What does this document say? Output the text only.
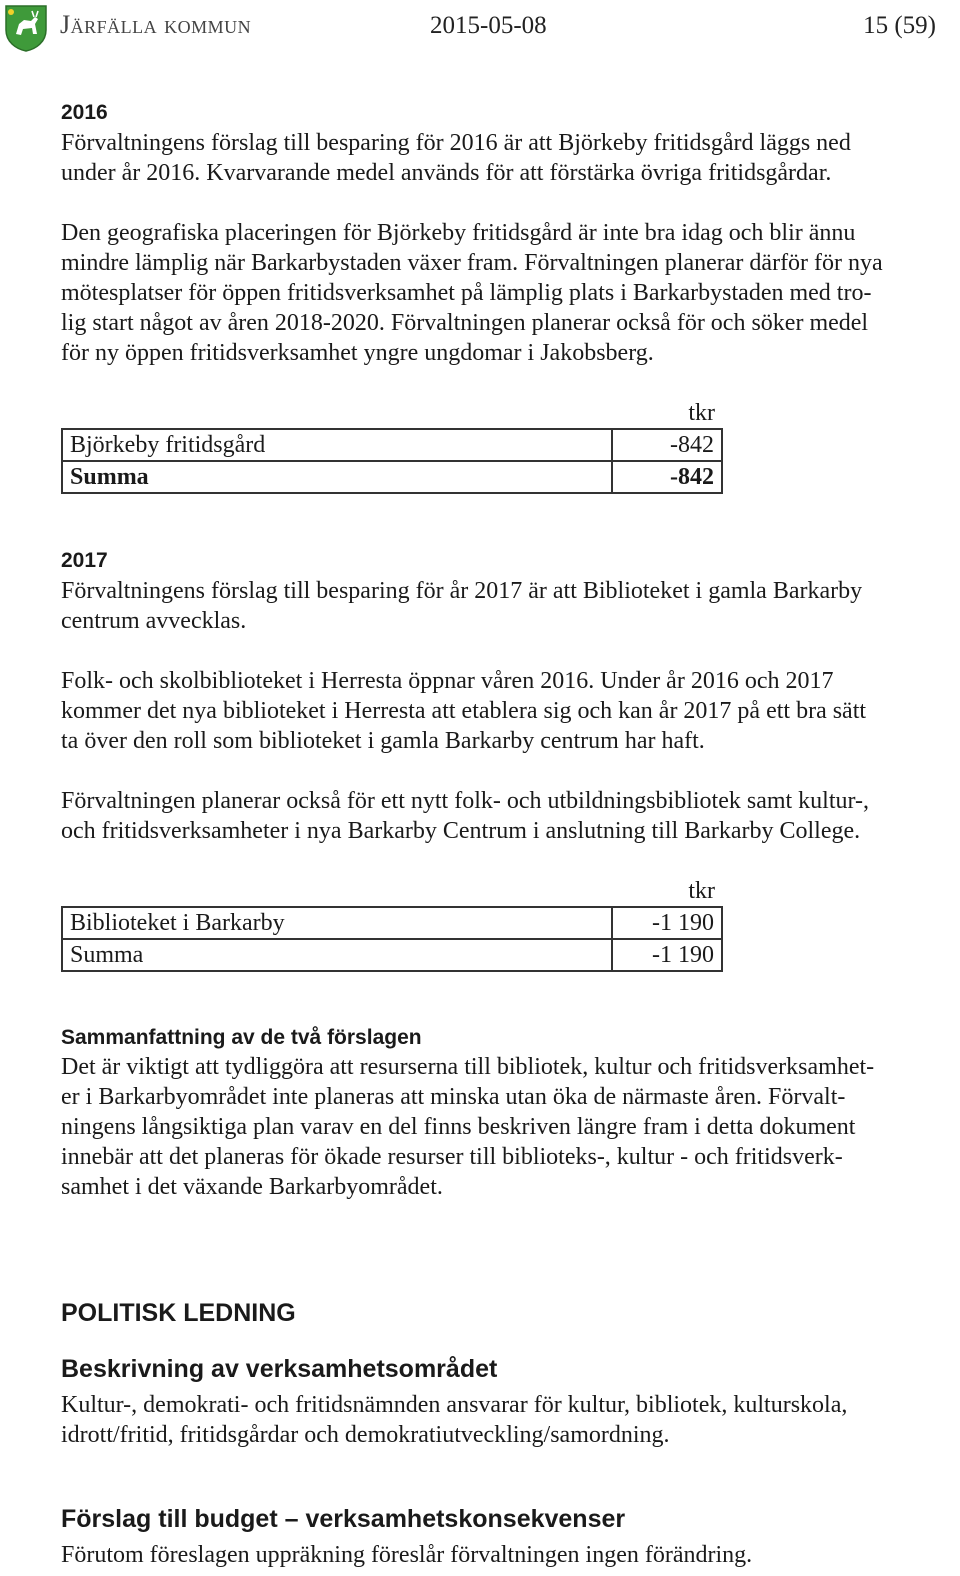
Järfälla kommun	2015-05-08	15 (59)
2016

Förvaltningens förslag till besparing för 2016 är att Björkeby fritidsgård läggs ned
under år 2016. Kvarvarande medel används för att förstärka övriga fritidsgårdar.

Den geografiska placeringen för Björkeby fritidsgård är inte bra idag och blir ännu
mindre lämplig när Barkarbystaden växer fram. Förvaltningen planerar därför för nya
mötesplatser för öppen fritidsverksamhet på lämplig plats i Barkarbystaden med tro-
lig start något av åren 2018-2020. Förvaltningen planerar också för och söker medel
för ny öppen fritidsverksamhet yngre ungdomar i Jakobsberg.

tkr
Björkeby fritidsgård	-842
Summa	-842
2017

Förvaltningens förslag till besparing för år 2017 är att Biblioteket i gamla Barkarby
centrum avvecklas.

Folk- och skolbiblioteket i Herresta öppnar våren 2016. Under år 2016 och 2017
kommer det nya biblioteket i Herresta att etablera sig och kan år 2017 på ett bra sätt
ta över den roll som biblioteket i gamla Barkarby centrum har haft.

Förvaltningen planerar också för ett nytt folk- och utbildningsbibliotek samt kultur-,
och fritidsverksamheter i nya Barkarby Centrum i anslutning till Barkarby College.

tkr
Biblioteket i Barkarby	-1 190
Summa	-1 190
Sammanfattning av de två förslagen

Det är viktigt att tydliggöra att resurserna till bibliotek, kultur och fritidsverksamhet-
er i Barkarbyområdet inte planeras att minska utan öka de närmaste åren. Förvalt-
ningens långsiktiga plan varav en del finns beskriven längre fram i detta dokument
innebär att det planeras för ökade resurser till biblioteks-, kultur - och fritidsverk-
samhet i det växande Barkarbyområdet.

POLITISK LEDNING
Beskrivning av verksamhetsområdet

Kultur-, demokrati- och fritidsnämnden ansvarar för kultur, bibliotek, kulturskola,
idrott/fritid, fritidsgårdar och demokratiutveckling/samordning.

Förslag till budget – verksamhetskonsekvenser

Förutom föreslagen uppräkning föreslår förvaltningen ingen förändring.
